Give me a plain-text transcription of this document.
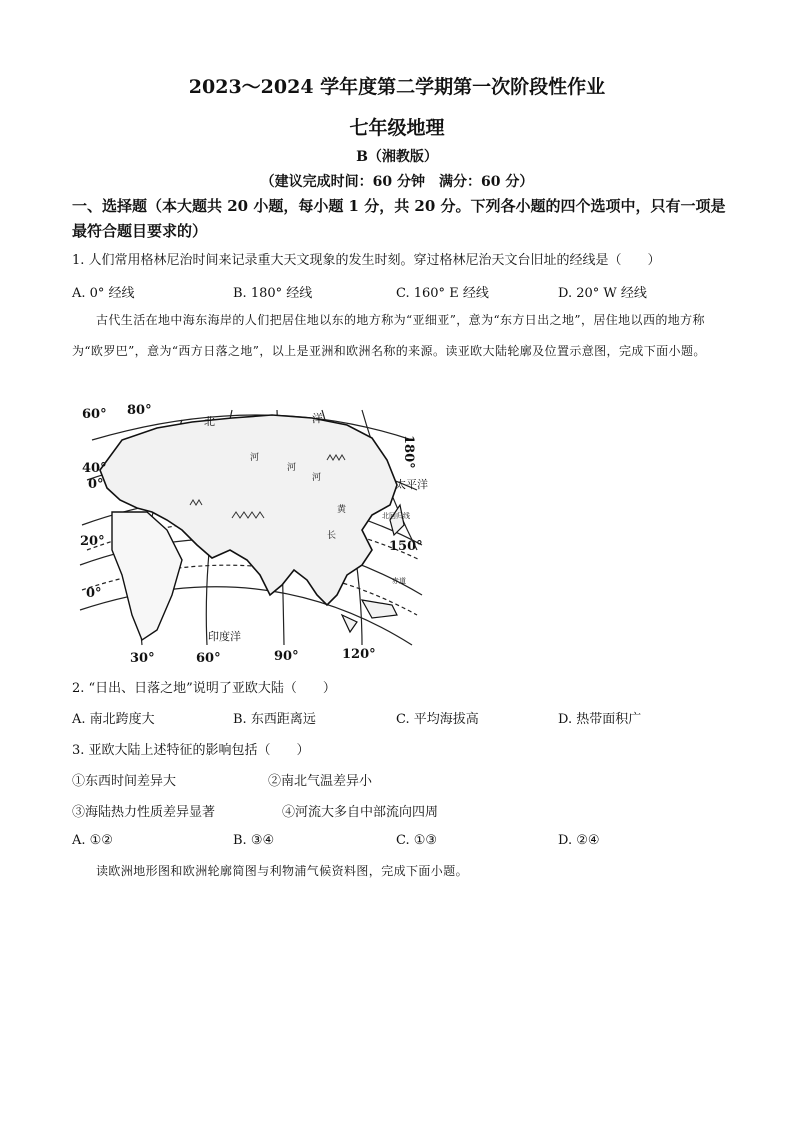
2023～2024 学年度第二学期第一次阶段性作业
七年级地理
B（湘教版）
（建议完成时间：60 分钟　满分：60 分）
一、选择题（本大题共 20 小题，每小题 1 分，共 20 分。下列各小题的四个选项中，只有一项是最符合题目要求的）
1. 人们常用格林尼治时间来记录重大天文现象的发生时刻。穿过格林尼治天文台旧址的经线是（　　）
A. 0° 经线	B. 180° 经线	C. 160° E 经线	D. 20° W 经线
古代生活在地中海东海岸的人们把居住地以东的地方称为“亚细亚”，意为“东方日出之地”，居住地以西的地方称为“欧罗巴”，意为“西方日落之地”，以上是亚洲和欧洲名称的来源。读亚欧大陆轮廓及位置示意图，完成下面小题。
60° 80°
40°
0°
20°
0°
30°	60°	90°	120°
180°
150°
北	洋
太平洋
印度洋
北回归线
赤道
河
河
河
长
黄
2. “日出、日落之地”说明了亚欧大陆（　　）
A. 南北跨度大	B. 东西距离远	C. 平均海拔高	D. 热带面积广
3. 亚欧大陆上述特征的影响包括（　　）
①东西时间差异大	②南北气温差异小
③海陆热力性质差异显著	④河流大多自中部流向四周
A. ①②	B. ③④	C. ①③	D. ②④
读欧洲地形图和欧洲轮廓简图与利物浦气候资料图，完成下面小题。
